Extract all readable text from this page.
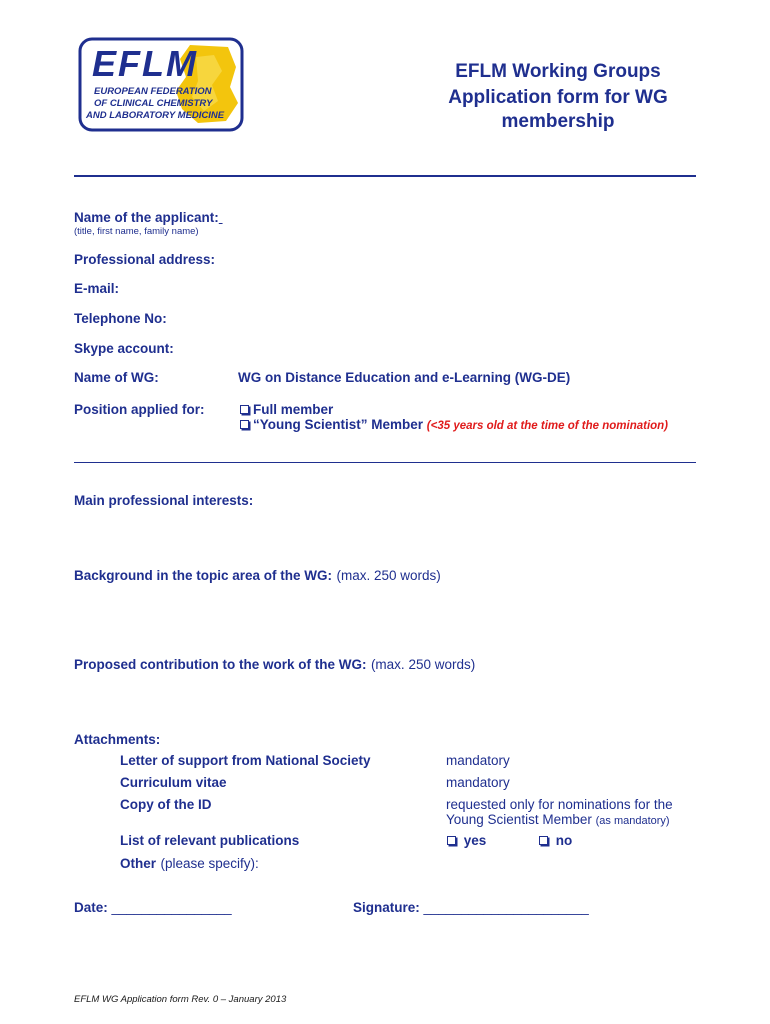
EFLM
EUROPEAN FEDERATION
OF CLINICAL CHEMISTRY
AND LABORATORY MEDICINE
EFLM Working Groups
Application form for WG
membership
Name of the applicant:
(title, first name, family name)
Professional address:
E-mail:
Telephone No:
Skype account:
Name of WG:	WG on Distance Education and e-Learning (WG-DE)
Position applied for:	Full member
“Young Scientist” Member (<35 years old at the time of the nomination)
Main professional interests:
Background in the topic area of the WG: (max. 250 words)
Proposed contribution to the work of the WG: (max. 250 words)
Attachments:
Letter of support from National Society	mandatory
Curriculum vitae	mandatory
Copy of the ID	requested only for nominations for the
Young Scientist Member (as mandatory)
List of relevant publications	yes	no
Other (please specify):
Date: ________________	Signature: ______________________
EFLM WG Application form Rev. 0 – January 2013
